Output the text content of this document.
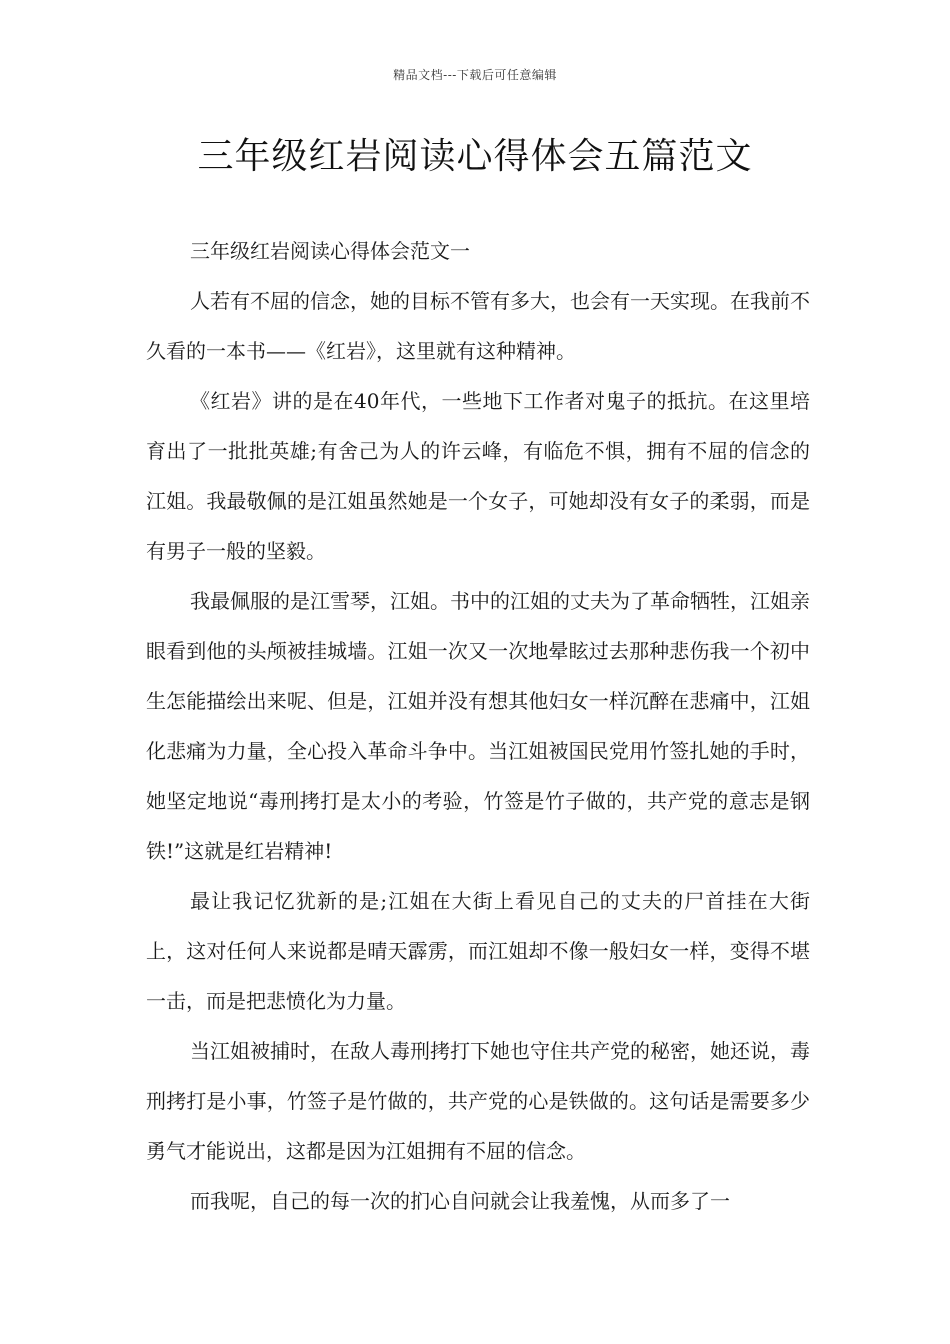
精品文档---下载后可任意编辑
三年级红岩阅读心得体会五篇范文

三年级红岩阅读心得体会范文一

人若有不屈的信念，她的目标不管有多大，也会有一天实现。在我前不久看的一本书——《红岩》，这里就有这种精神。

《红岩》讲的是在40年代，一些地下工作者对鬼子的抵抗。在这里培育出了一批批英雄;有舍己为人的许云峰，有临危不惧，拥有不屈的信念的江姐。我最敬佩的是江姐虽然她是一个女子，可她却没有女子的柔弱，而是有男子一般的坚毅。

我最佩服的是江雪琴，江姐。书中的江姐的丈夫为了革命牺牲，江姐亲眼看到他的头颅被挂城墙。江姐一次又一次地晕眩过去那种悲伤我一个初中生怎能描绘出来呢、但是，江姐并没有想其他妇女一样沉醉在悲痛中，江姐化悲痛为力量，全心投入革命斗争中。当江姐被国民党用竹签扎她的手时，她坚定地说“毒刑拷打是太小的考验，竹签是竹子做的，共产党的意志是钢铁!”这就是红岩精神!

最让我记忆犹新的是;江姐在大街上看见自己的丈夫的尸首挂在大街上，这对任何人来说都是晴天霹雳，而江姐却不像一般妇女一样，变得不堪一击，而是把悲愤化为力量。

当江姐被捕时，在敌人毒刑拷打下她也守住共产党的秘密，她还说，毒刑拷打是小事，竹签子是竹做的，共产党的心是铁做的。这句话是需要多少勇气才能说出，这都是因为江姐拥有不屈的信念。

而我呢，自己的每一次的扪心自问就会让我羞愧，从而多了一
